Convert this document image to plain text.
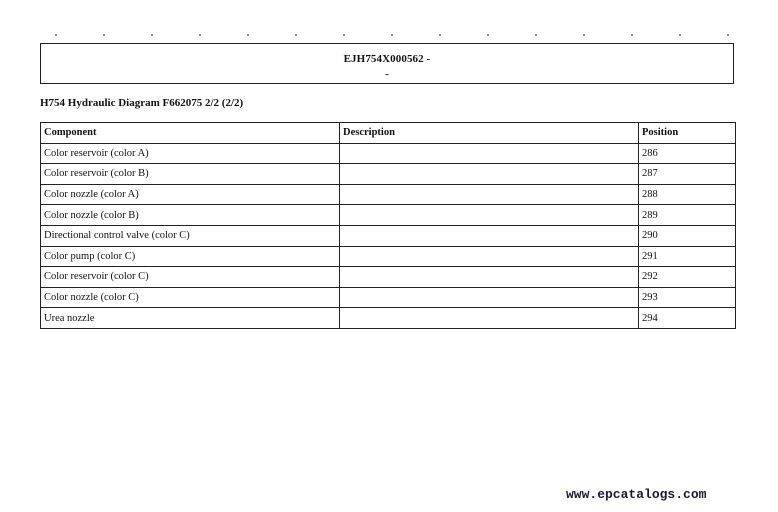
EJH754X000562 -
-
H754 Hydraulic Diagram F662075 2/2 (2/2)
Component	Description	Position
Color reservoir (color A)		286
Color reservoir (color B)		287
Color nozzle (color A)		288
Color nozzle (color B)		289
Directional control valve (color C)		290
Color pump (color C)		291
Color reservoir (color C)		292
Color nozzle (color C)		293
Urea nozzle		294
www.epcatalogs.com
